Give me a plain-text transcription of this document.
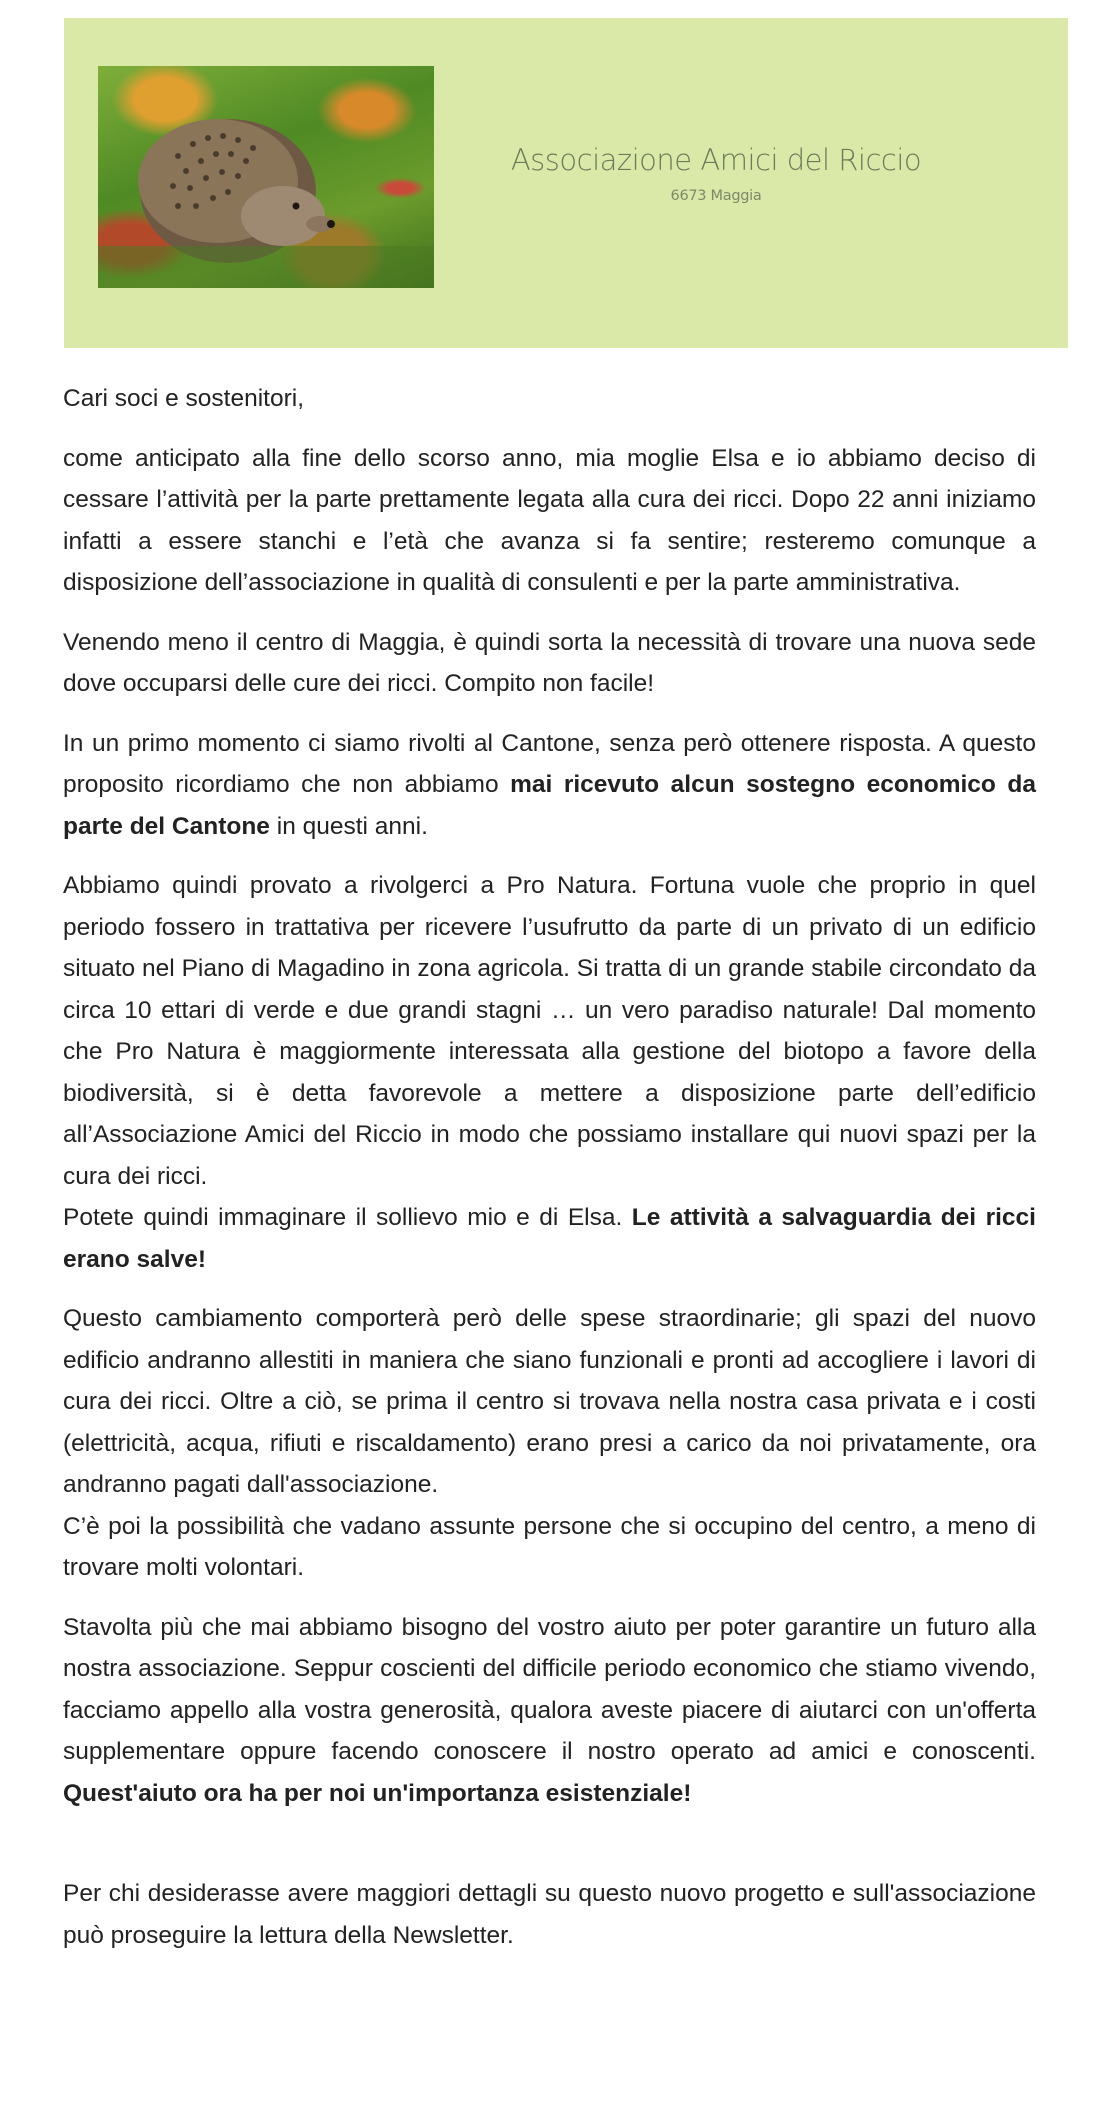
Associazione Amici del Riccio
6673 Maggia

Cari soci e sostenitori,

come anticipato alla fine dello scorso anno, mia moglie Elsa e io abbiamo deciso di cessare l’attività per la parte prettamente legata alla cura dei ricci. Dopo 22 anni iniziamo infatti a essere stanchi e l’età che avanza si fa sentire; resteremo comunque a disposizione dell’associazione in qualità di consulenti e per la parte amministrativa.

Venendo meno il centro di Maggia, è quindi sorta la necessità di trovare una nuova sede dove occuparsi delle cure dei ricci. Compito non facile!

In un primo momento ci siamo rivolti al Cantone, senza però ottenere risposta. A questo proposito ricordiamo che non abbiamo mai ricevuto alcun sostegno economico da parte del Cantone in questi anni.

Abbiamo quindi provato a rivolgerci a Pro Natura. Fortuna vuole che proprio in quel periodo fossero in trattativa per ricevere l’usufrutto da parte di un privato di un edificio situato nel Piano di Magadino in zona agricola. Si tratta di un grande stabile circondato da circa 10 ettari di verde e due grandi stagni … un vero paradiso naturale! Dal momento che Pro Natura è maggiormente interessata alla gestione del biotopo a favore della biodiversità, si è detta favorevole a mettere a disposizione parte dell’edificio all’Associazione Amici del Riccio in modo che possiamo installare qui nuovi spazi per la cura dei ricci.

Potete quindi immaginare il sollievo mio e di Elsa. Le attività a salvaguardia dei ricci erano salve!

Questo cambiamento comporterà però delle spese straordinarie; gli spazi del nuovo edificio andranno allestiti in maniera che siano funzionali e pronti ad accogliere i lavori di cura dei ricci. Oltre a ciò, se prima il centro si trovava nella nostra casa privata e i costi (elettricità, acqua, rifiuti e riscaldamento) erano presi a carico da noi privatamente, ora andranno pagati dall'associazione.

C’è poi la possibilità che vadano assunte persone che si occupino del centro, a meno di trovare molti volontari.

Stavolta più che mai abbiamo bisogno del vostro aiuto per poter garantire un futuro alla nostra associazione. Seppur coscienti del difficile periodo economico che stiamo vivendo, facciamo appello alla vostra generosità, qualora aveste piacere di aiutarci con un'offerta supplementare oppure facendo conoscere il nostro operato ad amici e conoscenti. Quest'aiuto ora ha per noi un'importanza esistenziale!

Per chi desiderasse avere maggiori dettagli su questo nuovo progetto e sull'associazione può proseguire la lettura della Newsletter.
